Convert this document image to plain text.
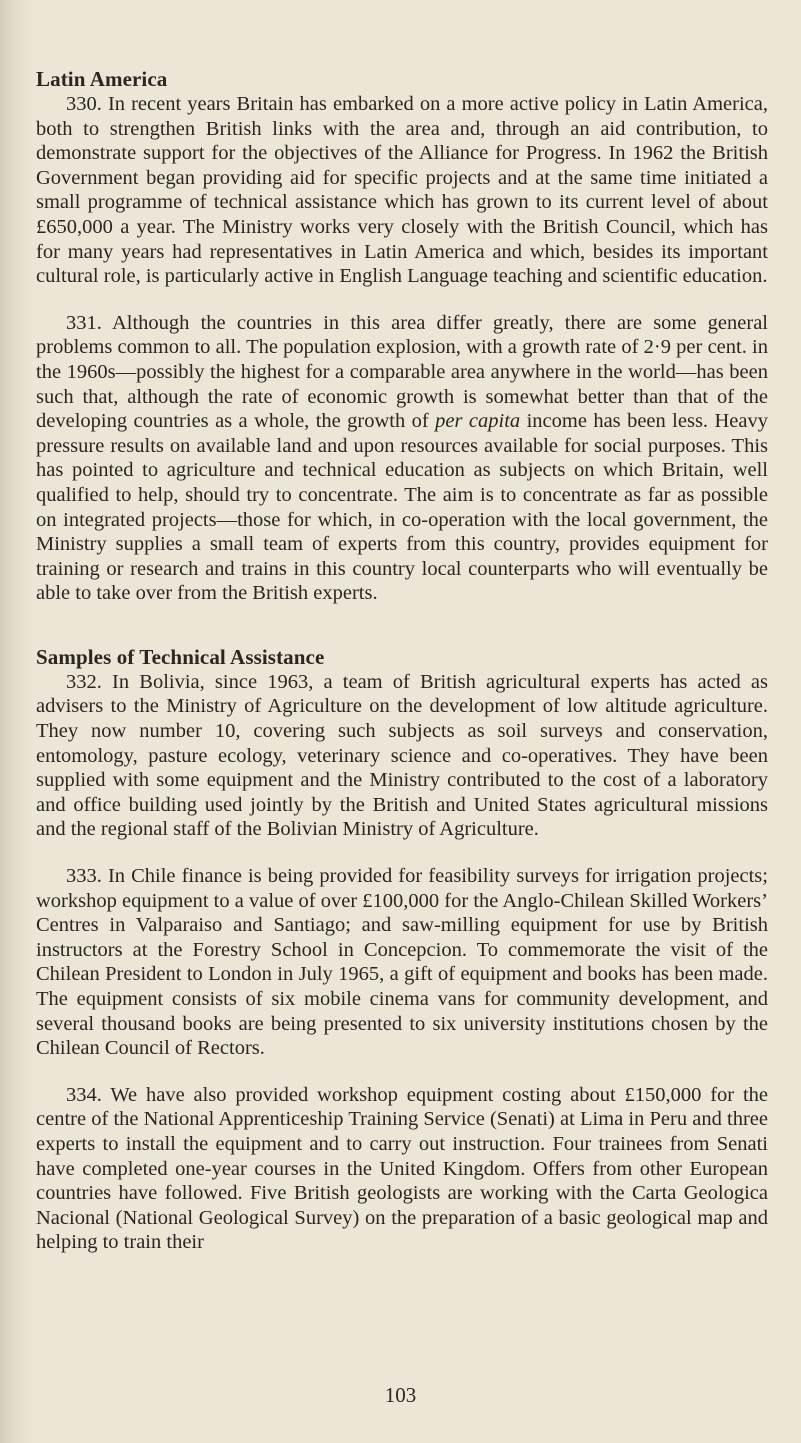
Latin America

330. In recent years Britain has embarked on a more active policy in Latin America, both to strengthen British links with the area and, through an aid contribution, to demonstrate support for the objectives of the Alliance for Progress. In 1962 the British Government began providing aid for specific projects and at the same time initiated a small programme of technical assistance which has grown to its current level of about £650,000 a year. The Ministry works very closely with the British Council, which has for many years had representatives in Latin America and which, besides its important cultural role, is particularly active in English Language teaching and scientific education.

331. Although the countries in this area differ greatly, there are some general problems common to all. The population explosion, with a growth rate of 2·9 per cent. in the 1960s—possibly the highest for a comparable area anywhere in the world—has been such that, although the rate of economic growth is somewhat better than that of the developing countries as a whole, the growth of per capita income has been less. Heavy pressure results on available land and upon resources available for social purposes. This has pointed to agriculture and technical education as subjects on which Britain, well qualified to help, should try to concentrate. The aim is to concentrate as far as possible on integrated projects—those for which, in co-operation with the local government, the Ministry supplies a small team of experts from this country, provides equipment for training or research and trains in this country local counterparts who will eventually be able to take over from the British experts.

Samples of Technical Assistance

332. In Bolivia, since 1963, a team of British agricultural experts has acted as advisers to the Ministry of Agriculture on the development of low altitude agriculture. They now number 10, covering such subjects as soil surveys and conservation, entomology, pasture ecology, veterinary science and co-operatives. They have been supplied with some equipment and the Ministry contributed to the cost of a laboratory and office building used jointly by the British and United States agricultural missions and the regional staff of the Bolivian Ministry of Agriculture.

333. In Chile finance is being provided for feasibility surveys for irrigation projects; workshop equipment to a value of over £100,000 for the Anglo-Chilean Skilled Workers’ Centres in Valparaiso and Santiago; and saw-milling equipment for use by British instructors at the Forestry School in Concepcion. To commemorate the visit of the Chilean President to London in July 1965, a gift of equipment and books has been made. The equipment consists of six mobile cinema vans for community development, and several thousand books are being presented to six university institutions chosen by the Chilean Council of Rectors.

334. We have also provided workshop equipment costing about £150,000 for the centre of the National Apprenticeship Training Service (Senati) at Lima in Peru and three experts to install the equipment and to carry out instruction. Four trainees from Senati have completed one-year courses in the United Kingdom. Offers from other European countries have followed. Five British geologists are working with the Carta Geologica Nacional (National Geological Survey) on the preparation of a basic geological map and helping to train their

103
